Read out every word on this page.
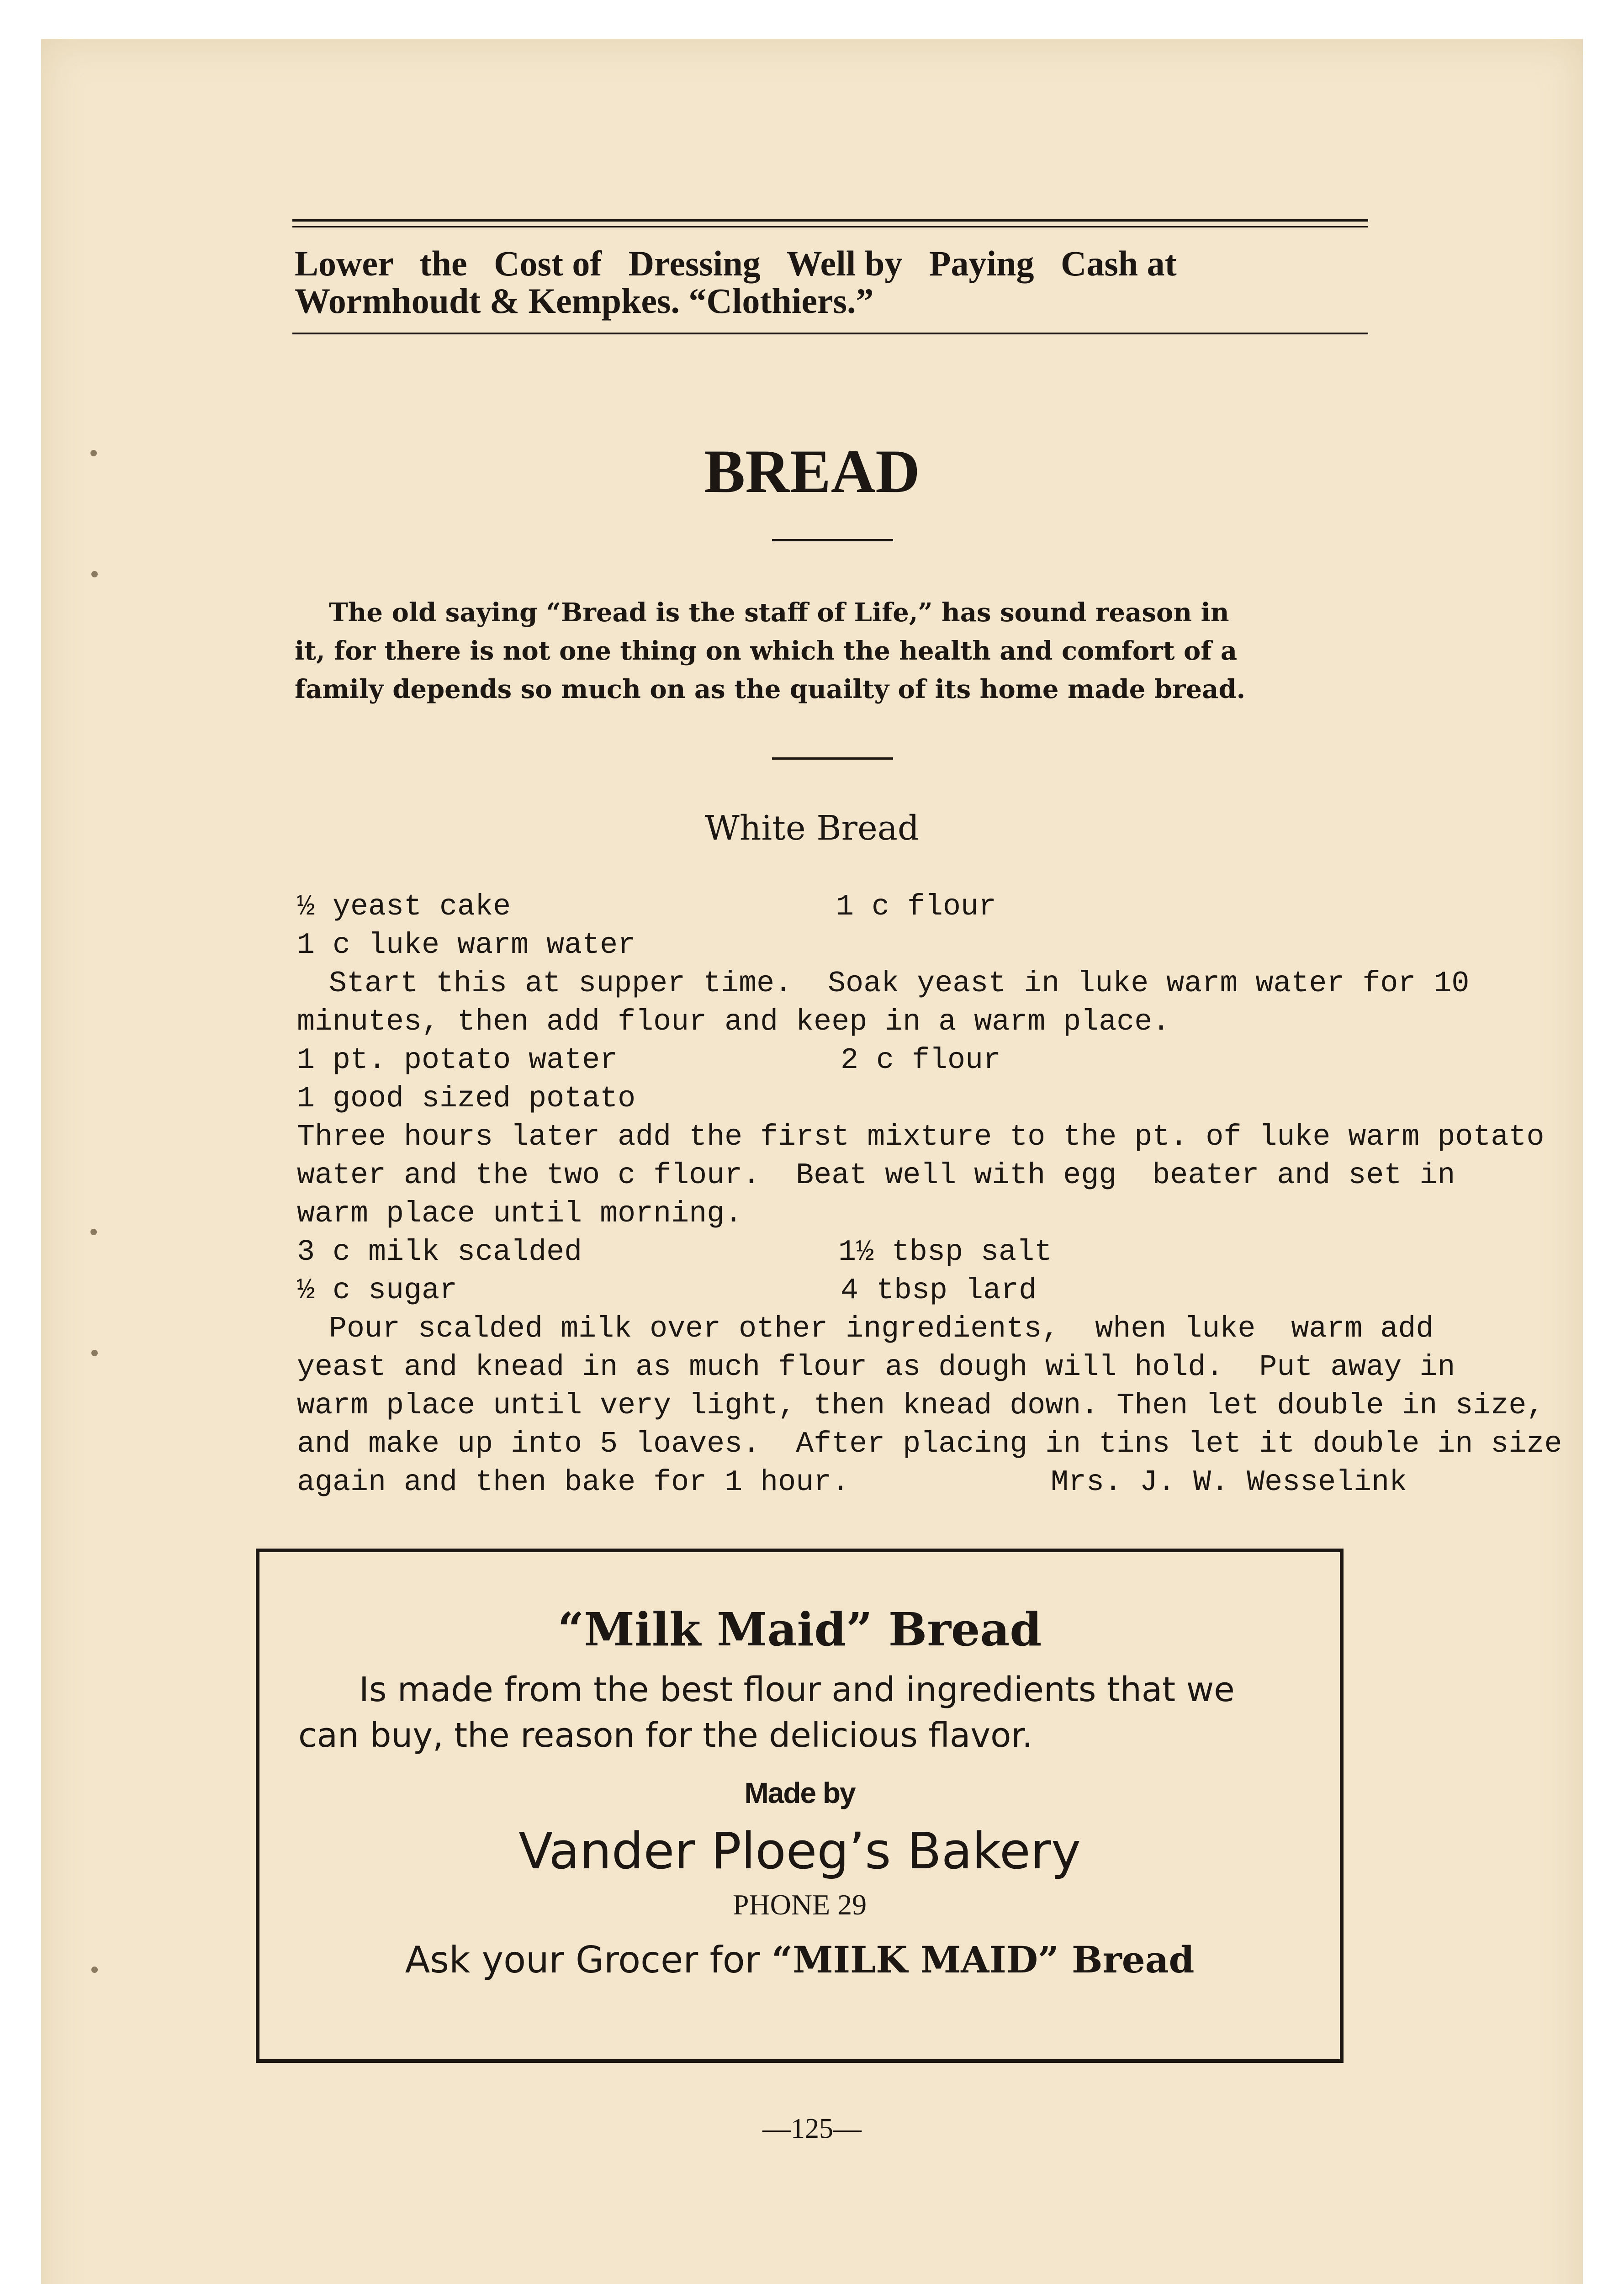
Lower   the   Cost of   Dressing   Well by   Paying   Cash at
Wormhoudt & Kempkes. “Clothiers.”
BREAD
The old saying “Bread is the staff of Life,” has sound reason in
it, for there is not one thing on which the health and comfort of a
family depends so much on as the quailty of its home made bread.
White Bread
½ yeast cake	1 c flour
1 c luke warm water
Start this at supper time.  Soak yeast in luke warm water for 10
minutes, then add flour and keep in a warm place.
1 pt. potato water	2 c flour
1 good sized potato
Three hours later add the first mixture to the pt. of luke warm potato
water and the two c flour.  Beat well with egg  beater and set in
warm place until morning.
3 c milk scalded	1½ tbsp salt
½ c sugar	4 tbsp lard
Pour scalded milk over other ingredients,  when luke  warm add
yeast and knead in as much flour as dough will hold.  Put away in
warm place until very light, then knead down. Then let double in size,
and make up into 5 loaves.  After placing in tins let it double in size
again and then bake for 1 hour.	Mrs. J. W. Wesselink
“Milk Maid” Bread
Is made from the best flour and ingredients that we
can buy, the reason for the delicious flavor.
Made by
Vander Ploeg’s Bakery
PHONE 29
Ask your Grocer for “MILK MAID” Bread
—125—
